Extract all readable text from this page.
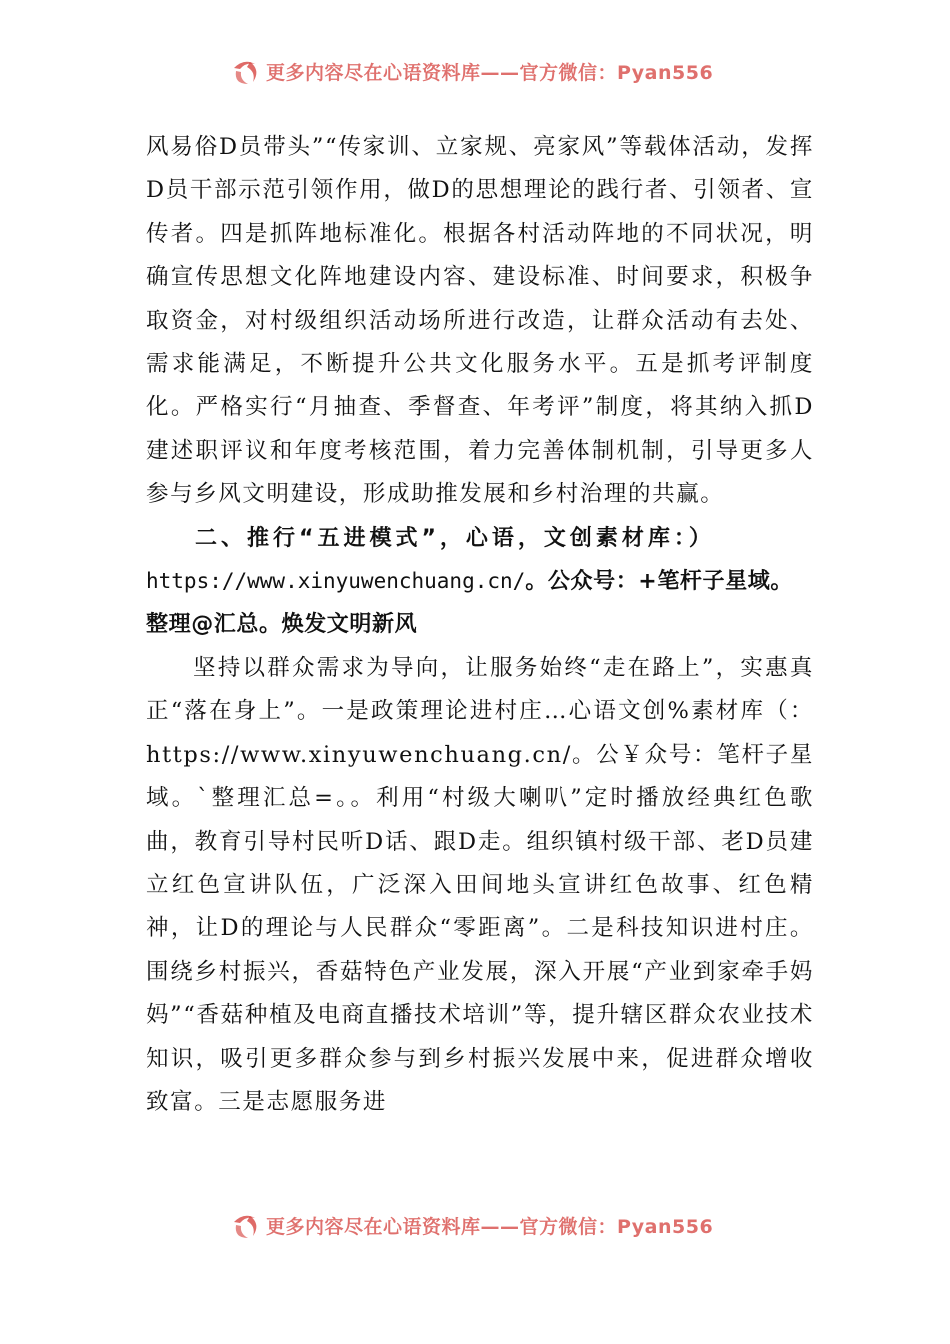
更多内容尽在心语资料库——官方微信：Pyan556

风易俗D员带头”“传家训、立家规、亮家风”等载体活动，发挥D员干部示范引领作用，做D的思想理论的践行者、引领者、宣传者。四是抓阵地标准化。根据各村活动阵地的不同状况，明确宣传思想文化阵地建设内容、建设标准、时间要求，积极争取资金，对村级组织活动场所进行改造，让群众活动有去处、需求能满足，不断提升公共文化服务水平。五是抓考评制度化。严格实行“月抽查、季督查、年考评”制度，将其纳入抓D建述职评议和年度考核范围，着力完善体制机制，引导更多人参与乡风文明建设，形成助推发展和乡村治理的共赢。

二、推行“五进模式”，心语，文创素材库：）
https://www.xinyuwenchuang.cn/。公众号：+笔杆子星域。
整理@汇总。焕发文明新风

坚持以群众需求为导向，让服务始终“走在路上”，实惠真正“落在身上”。一是政策理论进村庄…心语文创%素材库（：https://www.xinyuwenchuang.cn/。公￥众号：笔杆子星域。`整理汇总=。。利用“村级大喇叭”定时播放经典红色歌曲，教育引导村民听D话、跟D走。组织镇村级干部、老D员建立红色宣讲队伍，广泛深入田间地头宣讲红色故事、红色精神，让D的理论与人民群众“零距离”。二是科技知识进村庄。围绕乡村振兴，香菇特色产业发展，深入开展“产业到家牵手妈妈”“香菇种植及电商直播技术培训”等，提升辖区群众农业技术知识，吸引更多群众参与到乡村振兴发展中来，促进群众增收致富。三是志愿服务进

更多内容尽在心语资料库——官方微信：Pyan556
